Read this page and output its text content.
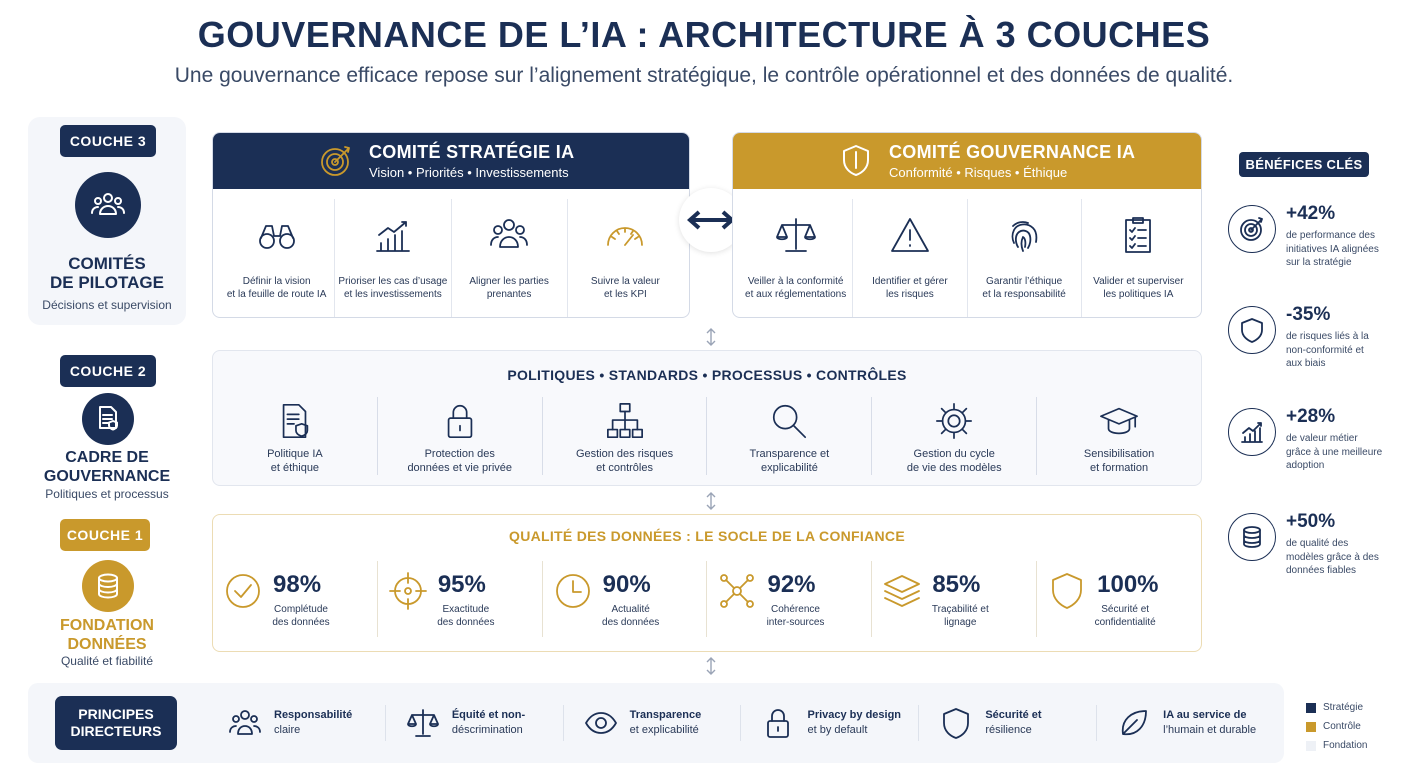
GOUVERNANCE DE L’IA : ARCHITECTURE À 3 COUCHES
Une gouvernance efficace repose sur l’alignement stratégique, le contrôle opérationnel et des données de qualité.
COUCHE 3
COMITÉS
DE PILOTAGE
Décisions et supervision
COUCHE 2
CADRE DE
GOUVERNANCE
Politiques et processus
COUCHE 1
FONDATION
DONNÉES
Qualité et fiabilité
COMITÉ STRATÉGIE IA
Vision • Priorités • Investissements
Définir la vision
et la feuille de route IA
Prioriser les cas d’usage
et les investissements
Aligner les parties
prenantes
Suivre la valeur
et les KPI
COMITÉ GOUVERNANCE IA
Conformité • Risques • Éthique
Veiller à la conformité
et aux réglementations
Identifier et gérer
les risques
Garantir l’éthique
et la responsabilité
Valider et superviser
les politiques IA
POLITIQUES • STANDARDS • PROCESSUS • CONTRÔLES
Politique IA
et éthique
Protection des
données et vie privée
Gestion des risques
et contrôles
Transparence et
explicabilité
Gestion du cycle
de vie des modèles
Sensibilisation
et formation
QUALITÉ DES DONNÉES : LE SOCLE DE LA CONFIANCE
98%
Complétude
des données
95%
Exactitude
des données
90%
Actualité
des données
92%
Cohérence
inter-sources
85%
Traçabilité et
lignage
100%
Sécurité et
confidentialité
PRINCIPES
DIRECTEURS
Responsabilité
claire
Équité et non-
déscrimination
Transparence
et explicabilité
Privacy by design
et by default
Sécurité et
résilience
IA au service de
l’humain et durable
BÉNÉFICES CLÉS
+42%
de performance des
initiatives IA alignées
sur la stratégie
-35%
de risques liés à la
non-conformité et
aux biais
+28%
de valeur métier
grâce à une meilleure
adoption
+50%
de qualité des
modèles grâce à des
données fiables
Stratégie
Contrôle
Fondation
